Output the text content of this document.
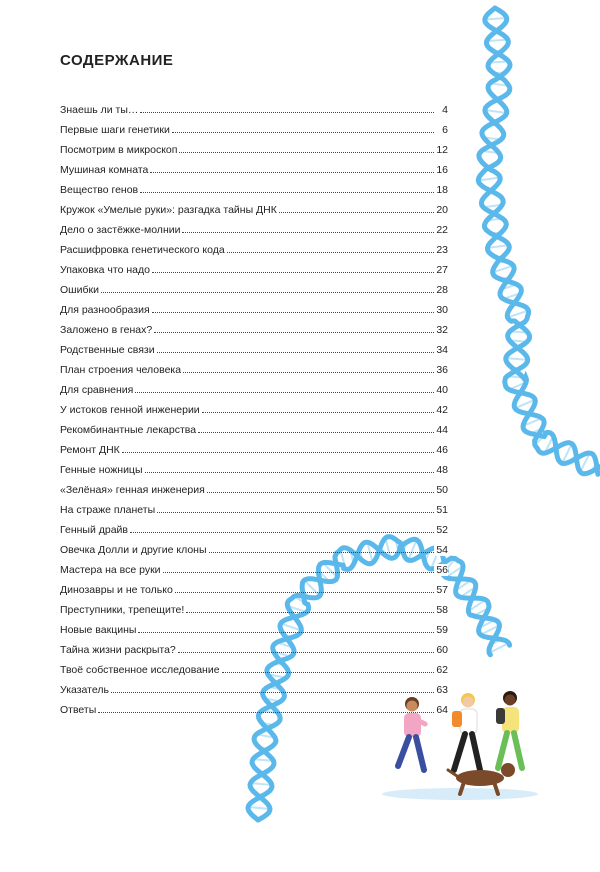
СОДЕРЖАНИЕ
Знаешь ли ты…	4
Первые шаги генетики	6
Посмотрим в микроскоп	12
Мушиная комната	16
Вещество генов	18
Кружок «Умелые руки»: разгадка тайны ДНК	20
Дело о застёжке-молнии	22
Расшифровка генетического кода	23
Упаковка что надо	27
Ошибки	28
Для разнообразия	30
Заложено в генах?	32
Родственные связи	34
План строения человека	36
Для сравнения	40
У истоков генной инженерии	42
Рекомбинантные лекарства	44
Ремонт ДНК	46
Генные ножницы	48
«Зелёная» генная инженерия	50
На страже планеты	51
Генный драйв	52
Овечка Долли и другие клоны	54
Мастера на все руки	56
Динозавры и не только	57
Преступники, трепещите!	58
Новые вакцины	59
Тайна жизни раскрыта?	60
Твоё собственное исследование	62
Указатель	63
Ответы	64
